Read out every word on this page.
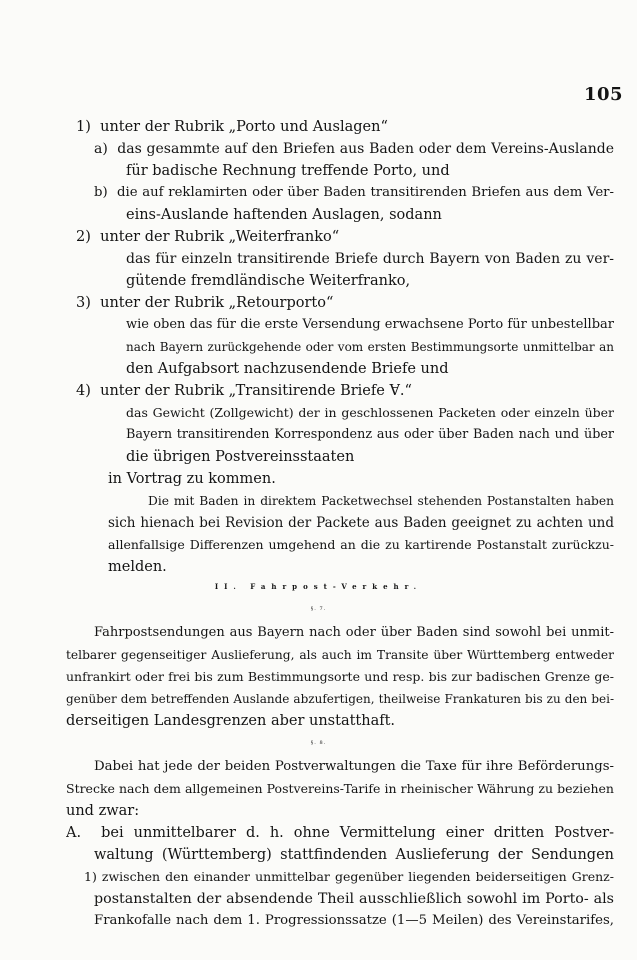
105
1)  unter der Rubrik „Porto und Auslagen“
a)  das gesammte auf den Briefen aus Baden oder dem Vereins-Auslande
für badische Rechnung treffende Porto, und
b)  die auf reklamirten oder über Baden transitirenden Briefen aus dem Ver-
eins-Auslande haftenden Auslagen, sodann
2)  unter der Rubrik „Weiterfranko“
das für einzeln transitirende Briefe durch Bayern von Baden zu ver-
gütende fremdländische Weiterfranko,
3)  unter der Rubrik „Retourporto“
wie oben das für die erste Versendung erwachsene Porto für unbestellbar
nach Bayern zurückgehende oder vom ersten Bestimmungsorte unmittelbar an
den Aufgabsort nachzusendende Briefe und
4)  unter der Rubrik „Transitirende Briefe Ɐ.“
das Gewicht (Zollgewicht) der in geschlossenen Packeten oder einzeln über
Bayern transitirenden Korrespondenz aus oder über Baden nach und über
die übrigen Postvereinsstaaten
in Vortrag zu kommen.
Die mit Baden in direktem Packetwechsel stehenden Postanstalten haben
sich hienach bei Revision der Packete aus Baden geeignet zu achten und
allenfallsige Differenzen umgehend an die zu kartirende Postanstalt zurückzu-
melden.
II. Fahrpost-Verkehr.
§. 7.
Fahrpostsendungen aus Bayern nach oder über Baden sind sowohl bei unmit-
telbarer gegenseitiger Auslieferung, als auch im Transite über Württemberg entweder
unfrankirt oder frei bis zum Bestimmungsorte und resp. bis zur badischen Grenze ge-
genüber dem betreffenden Auslande abzufertigen, theilweise Frankaturen bis zu den bei-
derseitigen Landesgrenzen aber unstatthaft.
§. 8.
Dabei hat jede der beiden Postverwaltungen die Taxe für ihre Beförderungs-
Strecke nach dem allgemeinen Postvereins-Tarife in rheinischer Währung zu beziehen
und zwar:
A.  bei unmittelbarer d. h. ohne Vermittelung einer dritten Postver-
waltung (Württemberg) stattfindenden Auslieferung der Sendungen
1) zwischen den einander unmittelbar gegenüber liegenden beiderseitigen Grenz-
postanstalten der absendende Theil ausschließlich sowohl im Porto- als
Frankofalle nach dem 1. Progressionssatze (1—5 Meilen) des Vereinstarifes,
